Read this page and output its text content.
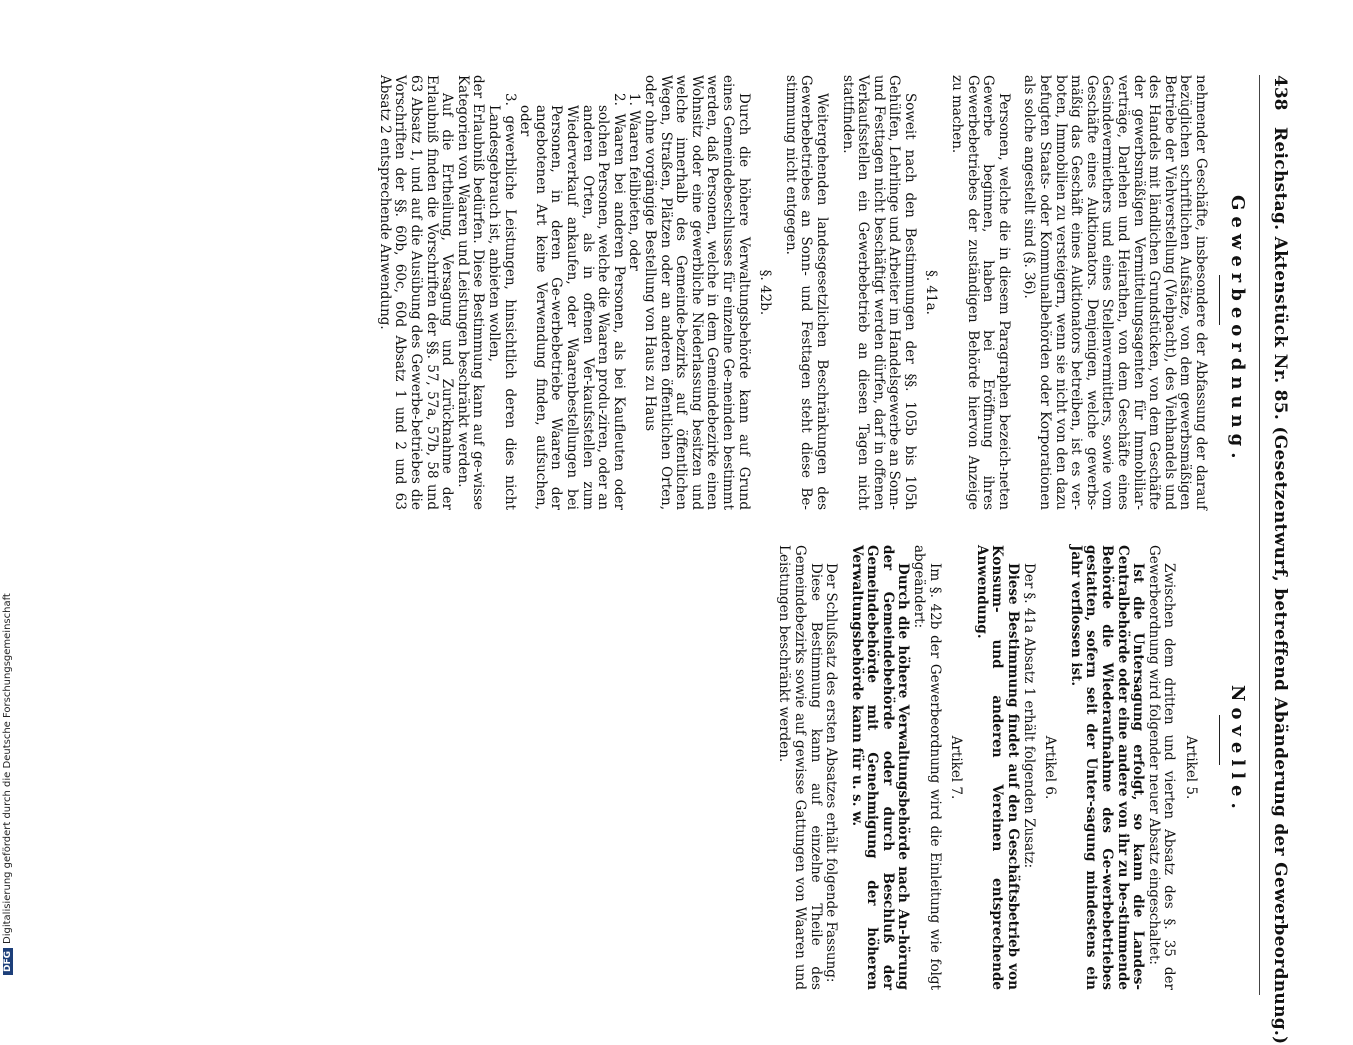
438
Reichstag. Aktenstück Nr. 85. (Gesetzentwurf, betreffend Abänderung der Gewerbeordnung.)
Gewerbeordnung.

nehmender Geschäfte, insbesondere der Abfassung der darauf bezüglichen schriftlichen Aufsätze, von dem gewerbsmäßigen Betriebe der Viehverstellung (Viehpacht), des Viehhandels und des Handels mit ländlichen Grundstücken, von dem Geschäfte der gewerbsmäßigen Vermittelungsagenten für Immobiliar-verträge, Darlehen und Heirathen, von dem Geschäfte eines Gesindevermiethers und eines Stellenvermittlers, sowie vom Geschäfte eines Auktionators. Denjenigen, welche gewerbs-mäßig das Geschäft eines Auktionators betreiben, ist es ver-boten, Immobilien zu versteigern, wenn sie nicht von den dazu befugten Staats- oder Kommunalbehörden oder Korporationen als solche angestellt sind (§. 36).

Personen, welche die in diesem Paragraphen bezeich-neten Gewerbe beginnen, haben bei Eröffnung ihres Gewerbebetriebes der zuständigen Behörde hiervon Anzeige zu machen.

§. 41a.

Soweit nach den Bestimmungen der §§. 105b bis 105h Gehülfen, Lehrlinge und Arbeiter im Handelsgewerbe an Sonn- und Festtagen nicht beschäftigt werden dürfen, darf in offenen Verkaufsstellen ein Gewerbebetrieb an diesen Tagen nicht stattfinden.

Weitergehenden landesgesetzlichen Beschränkungen des Gewerbebetriebes an Sonn- und Festtagen steht diese Be-stimmung nicht entgegen.

§. 42b.

Durch die höhere Verwaltungsbehörde kann auf Grund eines Gemeindebeschlusses für einzelne Ge-meinden bestimmt werden, daß Personen, welche in dem Gemeindebezirke einen Wohnsitz oder eine gewerbliche Niederlassung besitzen und welche innerhalb des Gemeinde-bezirks auf öffentlichen Wegen, Straßen, Plätzen oder an anderen öffentlichen Orten, oder ohne vorgängige Bestellung von Haus zu Haus

1. Waaren feilbieten, oder

2. Waaren bei anderen Personen, als bei Kaufleuten oder solchen Personen, welche die Waaren produ-ziren, oder an anderen Orten, als in offenen Ver-kaufsstellen zum Wiederverkauf ankaufen, oder Waarenbestellungen bei Personen, in deren Ge-werbebetriebe Waaren der angebotenen Art keine Verwendung finden, aufsuchen, oder

3. gewerbliche Leistungen, hinsichtlich deren dies nicht Landesgebrauch ist, anbieten wollen,

der Erlaubniß bedürfen. Diese Bestimmung kann auf ge-wisse Kategorien von Waaren und Leistungen beschränkt werden.

Auf die Ertheilung, Versagung und Zurücknahme der Erlaubniß finden die Vorschriften der §§. 57, 57a, 57b, 58 und 63 Absatz 1, und auf die Ausübung des Gewerbe-betriebes die Vorschriften der §§. 60b, 60c, 60d Absatz 1 und 2 und 63 Absatz 2 entsprechende Anwendung.

Novelle.
Artikel 5.

Zwischen dem dritten und vierten Absatz des §. 35 der Gewerbeordnung wird folgender neuer Absatz eingeschaltet:

Ist die Untersagung erfolgt, so kann die Landes-Centralbehörde oder eine andere von ihr zu be-stimmende Behörde die Wiederaufnahme des Ge-werbebetriebes gestatten, sofern seit der Unter-sagung mindestens ein Jahr verflossen ist.

Artikel 6.

Der §. 41a Absatz 1 erhält folgenden Zusatz:

Diese Bestimmung findet auf den Geschäftsbetrieb von Konsum- und anderen Vereinen entsprechende Anwendung.

Artikel 7.

Im §. 42b der Gewerbeordnung wird die Einleitung wie folgt abgeändert:

Durch die höhere Verwaltungsbehörde nach An-hörung der Gemeindebehörde oder durch Beschluß der Gemeindebehörde mit Genehmigung der höheren Verwaltungsbehörde kann für u. s. w.

Der Schlußsatz des ersten Absatzes erhält folgende Fassung:

Diese Bestimmung kann auf einzelne Theile des Gemeindebezirks sowie auf gewisse Gattungen von Waaren und Leistungen beschränkt werden.

DFGDigitalisierung gefördert durch die Deutsche Forschungsgemeinschaft
